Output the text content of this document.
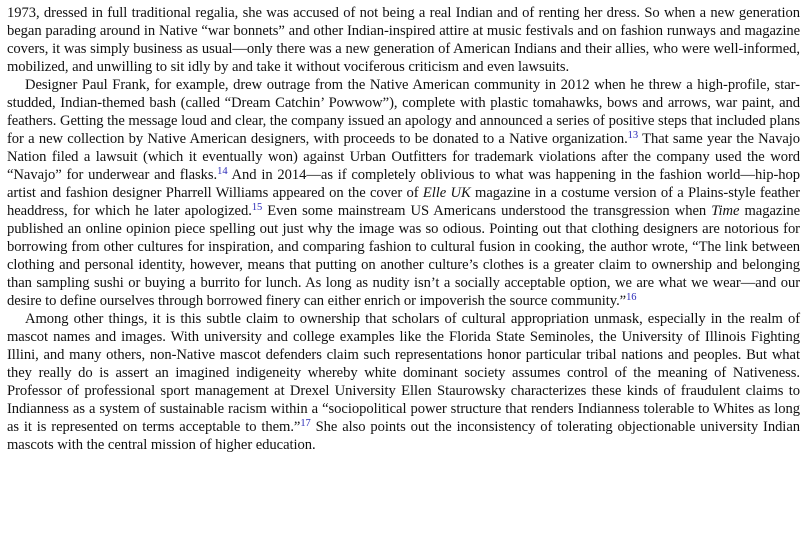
1973, dressed in full traditional regalia, she was accused of not being a real Indian and of renting her dress. So when a new generation began parading around in Native “war bonnets” and other Indian-inspired attire at music festivals and on fashion runways and magazine covers, it was simply business as usual—only there was a new generation of American Indians and their allies, who were well-informed, mobilized, and unwilling to sit idly by and take it without vociferous criticism and even lawsuits.

Designer Paul Frank, for example, drew outrage from the Native American community in 2012 when he threw a high-profile, star-studded, Indian-themed bash (called “Dream Catchin’ Powwow”), complete with plastic tomahawks, bows and arrows, war paint, and feathers. Getting the message loud and clear, the company issued an apology and announced a series of positive steps that included plans for a new collection by Native American designers, with proceeds to be donated to a Native organization.$^{13}$ That same year the Navajo Nation filed a lawsuit (which it eventually won) against Urban Outfitters for trademark violations after the company used the word “Navajo” for underwear and flasks.$^{14}$ And in 2014—as if completely oblivious to what was happening in the fashion world—hip-hop artist and fashion designer Pharrell Williams appeared on the cover of Elle UK magazine in a costume version of a Plains-style feather headdress, for which he later apologized.$^{15}$ Even some mainstream US Americans understood the transgression when Time magazine published an online opinion piece spelling out just why the image was so odious. Pointing out that clothing designers are notorious for borrowing from other cultures for inspiration, and comparing fashion to cultural fusion in cooking, the author wrote, “The link between clothing and personal identity, however, means that putting on another culture’s clothes is a greater claim to ownership and belonging than sampling sushi or buying a burrito for lunch. As long as nudity isn’t a socially acceptable option, we are what we wear—and our desire to define ourselves through borrowed finery can either enrich or impoverish the source community.”$^{16}$

Among other things, it is this subtle claim to ownership that scholars of cultural appropriation unmask, especially in the realm of mascot names and images. With university and college examples like the Florida State Seminoles, the University of Illinois Fighting Illini, and many others, non-Native mascot defenders claim such representations honor particular tribal nations and peoples. But what they really do is assert an imagined indigeneity whereby white dominant society assumes control of the meaning of Nativeness. Professor of professional sport management at Drexel University Ellen Staurowsky characterizes these kinds of fraudulent claims to Indianness as a system of sustainable racism within a “sociopolitical power structure that renders Indianness tolerable to Whites as long as it is represented on terms acceptable to them.”$^{17}$ She also points out the inconsistency of tolerating objectionable university Indian mascots with the central mission of higher education.
